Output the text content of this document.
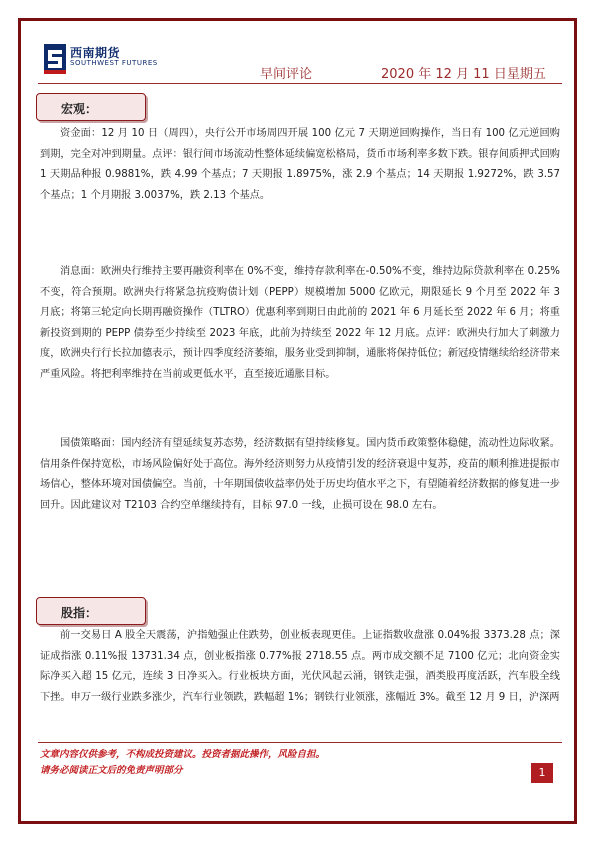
西南期货
SOUTHWEST FUTURES
早间评论	2020 年 12 月 11 日星期五
宏观：
资金面：12 月 10 日（周四），央行公开市场周四开展 100 亿元 7 天期逆回购操作，当日有 100 亿元逆回购到期，完全对冲到期量。点评：银行间市场流动性整体延续偏宽松格局，货币市场利率多数下跌。银存间质押式回购 1 天期品种报 0.9881%，跌 4.99 个基点；7 天期报 1.8975%，涨 2.9 个基点；14 天期报 1.9272%，跌 3.57 个基点；1 个月期报 3.0037%，跌 2.13 个基点。
消息面：欧洲央行维持主要再融资利率在 0%不变，维持存款利率在-0.50%不变，维持边际贷款利率在 0.25%不变，符合预期。欧洲央行将紧急抗疫购债计划（PEPP）规模增加 5000 亿欧元，期限延长 9 个月至 2022 年 3 月底；将第三轮定向长期再融资操作（TLTRO）优惠利率到期日由此前的 2021 年 6 月延长至 2022 年 6 月；将重新投资到期的 PEPP 债券至少持续至 2023 年底，此前为持续至 2022 年 12 月底。点评：欧洲央行加大了刺激力度，欧洲央行行长拉加德表示，预计四季度经济萎缩，服务业受到抑制，通胀将保持低位；新冠疫情继续给经济带来严重风险。将把利率维持在当前或更低水平，直至接近通胀目标。
国债策略面：国内经济有望延续复苏态势，经济数据有望持续修复。国内货币政策整体稳健，流动性边际收紧。信用条件保持宽松，市场风险偏好处于高位。海外经济则努力从疫情引发的经济衰退中复苏，疫苗的顺利推进提振市场信心，整体环境对国债偏空。当前，十年期国债收益率仍处于历史均值水平之下，有望随着经济数据的修复进一步回升。因此建议对 T2103 合约空单继续持有，目标 97.0 一线，止损可设在 98.0 左右。
股指：
前一交易日 A 股全天震荡，沪指勉强止住跌势，创业板表现更佳。上证指数收盘涨 0.04%报 3373.28 点；深证成指涨 0.11%报 13731.34 点，创业板指涨 0.77%报 2718.55 点。两市成交额不足 7100 亿元；北向资金实际净买入超 15 亿元，连续 3 日净买入。行业板块方面，光伏风起云涌，钢铁走强，酒类股再度活跃，汽车股全线下挫。申万一级行业跌多涨少，汽车行业领跌，跌幅超 1%；钢铁行业领涨，涨幅近 3%。截至 12 月 9 日，沪深两
文章内容仅供参考，不构成投资建议。投资者据此操作，风险自担。
请务必阅读正文后的免责声明部分	1
